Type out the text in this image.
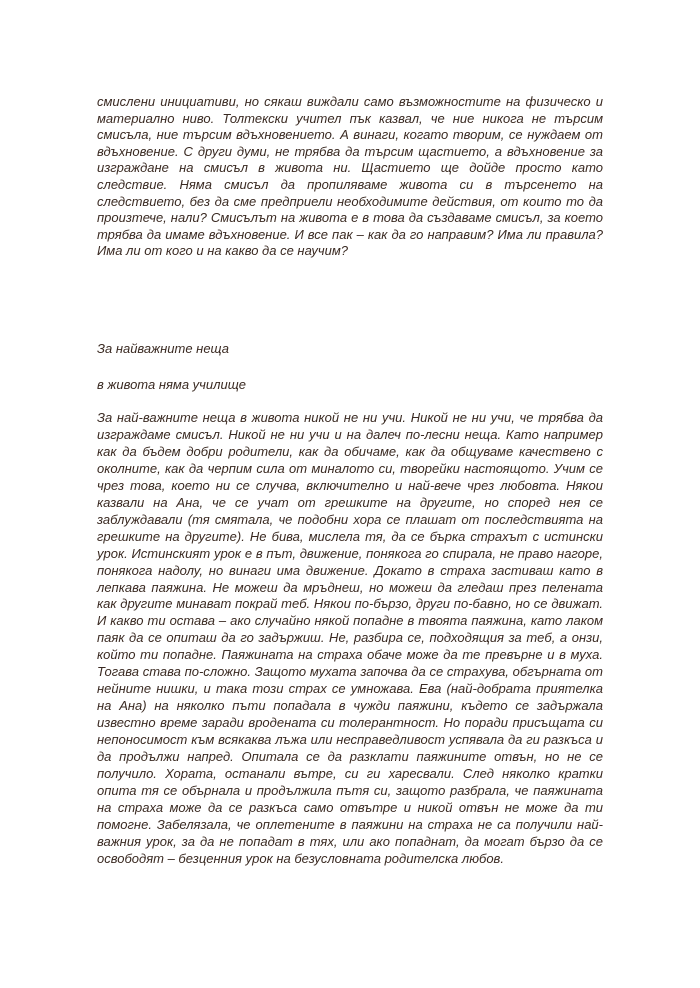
смислени инициативи, но сякаш виждали само възможностите на физическо и материално ниво. Толтекски учител пък казвал, че ние никога не търсим смисъла, ние търсим вдъхновението. А винаги, когато творим, се нуждаем от вдъхновение. С други думи, не трябва да търсим щастието, а вдъхновение за изграждане на смисъл в живота ни. Щастието ще дойде просто като следствие. Няма смисъл да пропиляваме живота си в търсенето на следствието, без да сме предприели необходимите действия, от които то да произтече, нали? Смисълът на живота е в това да създаваме смисъл, за което трябва да имаме вдъхновение. И все пак – как да го направим? Има ли правила? Има ли от кого и на какво да се научим?

За найважните неща

в живота няма училище

За най-важните неща в живота никой не ни учи. Никой не ни учи, че трябва да изграждаме смисъл. Никой не ни учи и на далеч по-лесни неща. Като например как да бъдем добри родители, как да обичаме, как да общуваме качествено с околните, как да черпим сила от миналото си, творейки настоящото. Учим се чрез това, което ни се случва, включително и най-вече чрез любовта. Някои казвали на Ана, че се учат от грешките на другите, но според нея се заблуждавали (тя смятала, че подобни хора се плашат от последствията на грешките на другите). Не бива, мислела тя, да се бърка страхът с истински урок. Истинският урок е в път, движение, понякога го спирала, не право нагоре, понякога надолу, но винаги има движение. Докато в страха застиваш като в лепкава паяжина. Не можеш да мръднеш, но можеш да гледаш през пелената как другите минават покрай теб. Някои по-бързо, други по-бавно, но се движат. И какво ти остава – ако случайно някой попадне в твоята паяжина, като лаком паяк да се опиташ да го задържиш. Не, разбира се, подходящия за теб, а онзи, който ти попадне. Паяжината на страха обаче може да те превърне и в муха. Тогава става по-сложно. Защото мухата започва да се страхува, обгърната от нейните нишки, и така този страх се умножава. Ева (най-добрата приятелка на Ана) на няколко пъти попадала в чужди паяжини, където се задържала известно време заради вродената си толерантност. Но поради присъщата си непоносимост към всякаква лъжа или несправедливост успявала да ги разкъса и да продължи напред. Опитала се да разклати паяжините отвън, но не се получило. Хората, останали вътре, си ги харесвали. След няколко кратки опита тя се обърнала и продължила пътя си, защото разбрала, че паяжината на страха може да се разкъса само отвътре и никой отвън не може да ти помогне. Забелязала, че оплетените в паяжини на страха не са получили най-важния урок, за да не попадат в тях, или ако попаднат, да могат бързо да се освободят – безценния урок на безусловната родителска любов.
